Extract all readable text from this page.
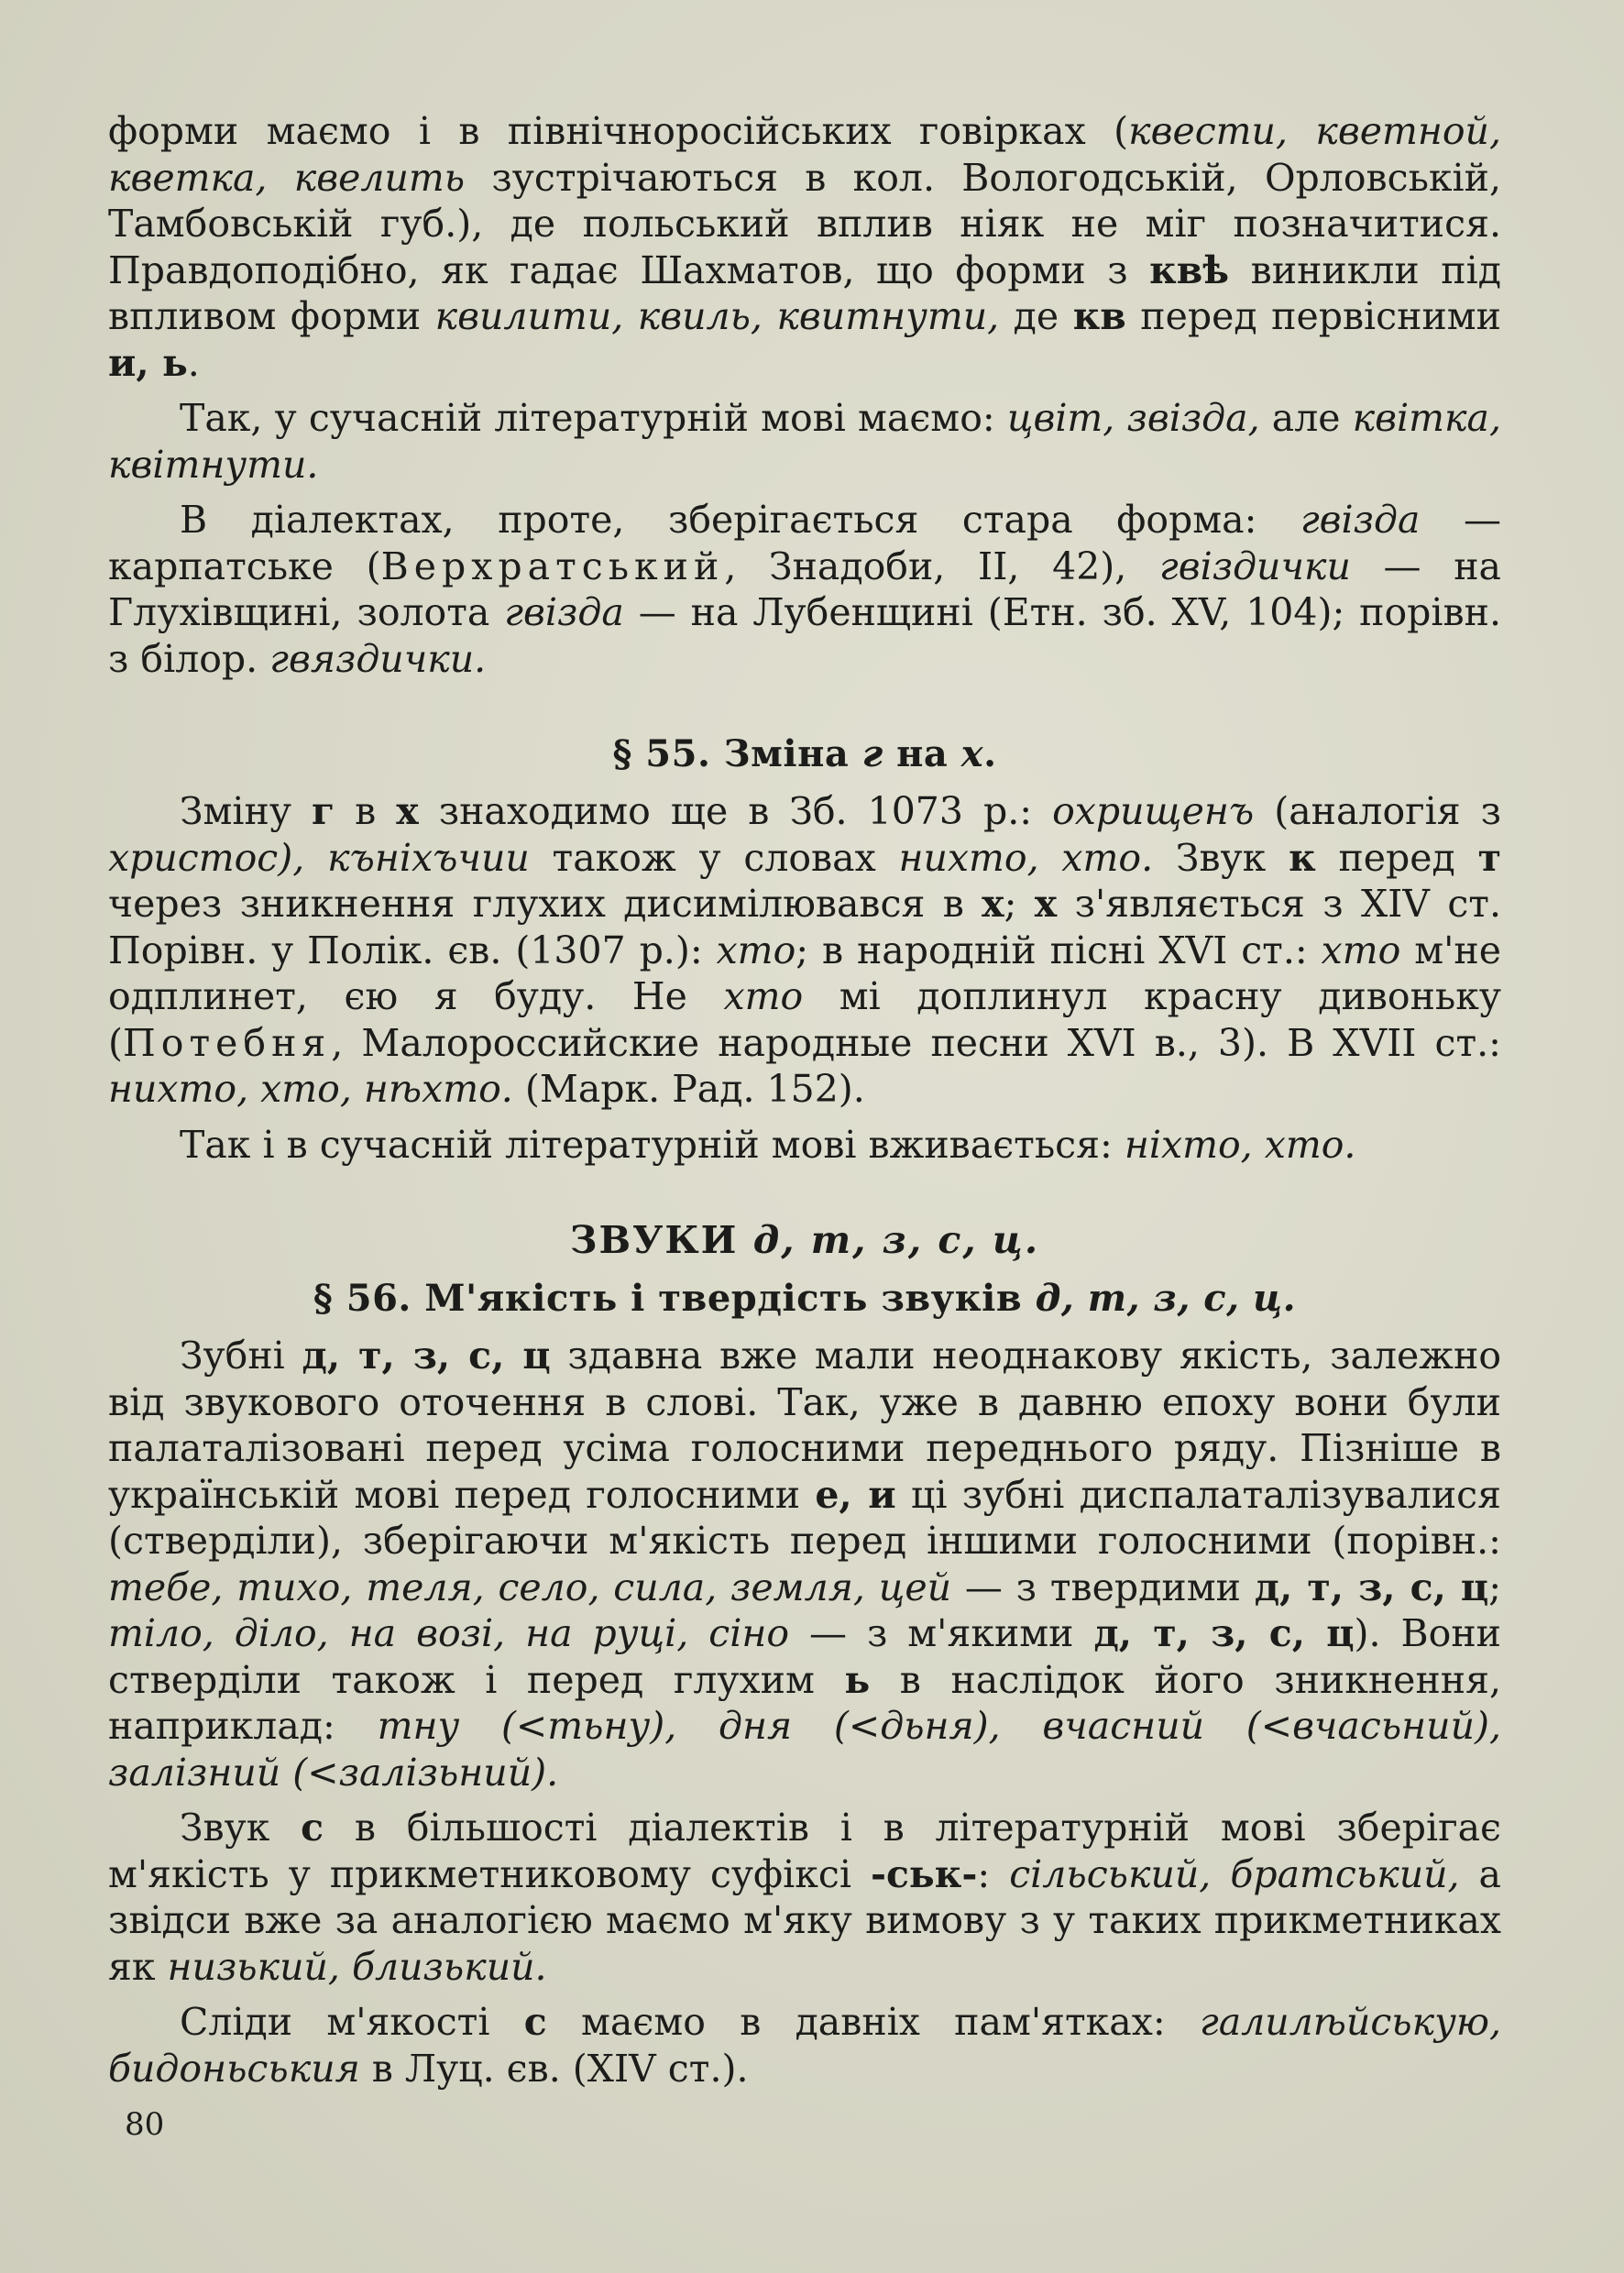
форми маємо і в північноросійських говірках (квести, кветной, кветка, квелить зустрічаються в кол. Вологодській, Орловській, Тамбовській губ.), де польський вплив ніяк не міг позначитися. Правдоподібно, як гадає Шахматов, що форми з квѣ виникли під впливом форми квилити, квиль, квитнути, де кв перед первісними и, ь.

Так, у сучасній літературній мові маємо: цвіт, звізда, але квітка, квітнути.

В діалектах, проте, зберігається стара форма: гвізда — карпатське (Верхратський, Знадоби, II, 42), гвіздички — на Глухівщині, золота гвізда — на Лубенщині (Етн. зб. XV, 104); порівн. з білор. гвяздички.

§ 55. Зміна г на х.

Зміну г в х знаходимо ще в Зб. 1073 р.: охрищенъ (аналогія з христос), къніхъчии також у словах нихто, хто. Звук к перед т через зникнення глухих дисимілювався в х; х з'являється з XIV ст. Порівн. у Полік. єв. (1307 р.): хто; в народній пісні XVI ст.: хто м'не одплинет, єю я буду. Не хто мі доплинул красну дивоньку (Потебня, Малороссийские народные песни XVI в., 3). В XVII ст.: нихто, хто, нѣхто. (Марк. Рад. 152).

Так і в сучасній літературній мові вживається: ніхто, хто.

ЗВУКИ д, т, з, с, ц.
§ 56. М'якість і твердість звуків д, т, з, с, ц.

Зубні д, т, з, с, ц здавна вже мали неоднакову якість, залежно від звукового оточення в слові. Так, уже в давню епоху вони були палаталізовані перед усіма голосними переднього ряду. Пізніше в українській мові перед голосними е, и ці зубні диспалаталізувалися (стверділи), зберігаючи м'якість перед іншими голосними (порівн.: тебе, тихо, теля, село, сила, земля, цей — з твердими д, т, з, с, ц; тіло, діло, на возі, на руці, сіно — з м'якими д, т, з, с, ц). Вони стверділи також і перед глухим ь в наслідок його зникнення, наприклад: тну (<тьну), дня (<дьня), вчасний (<вчасьний), залізний (<залізьний).

Звук с в більшості діалектів і в літературній мові зберігає м'якість у прикметниковому суфіксі -ськ-: сільський, братський, а звідси вже за аналогією маємо м'яку вимову з у таких прикметниках як низький, близький.

Сліди м'якості с маємо в давніх пам'ятках: галилѣйськую, бидоньськия в Луц. єв. (XIV ст.).

80
